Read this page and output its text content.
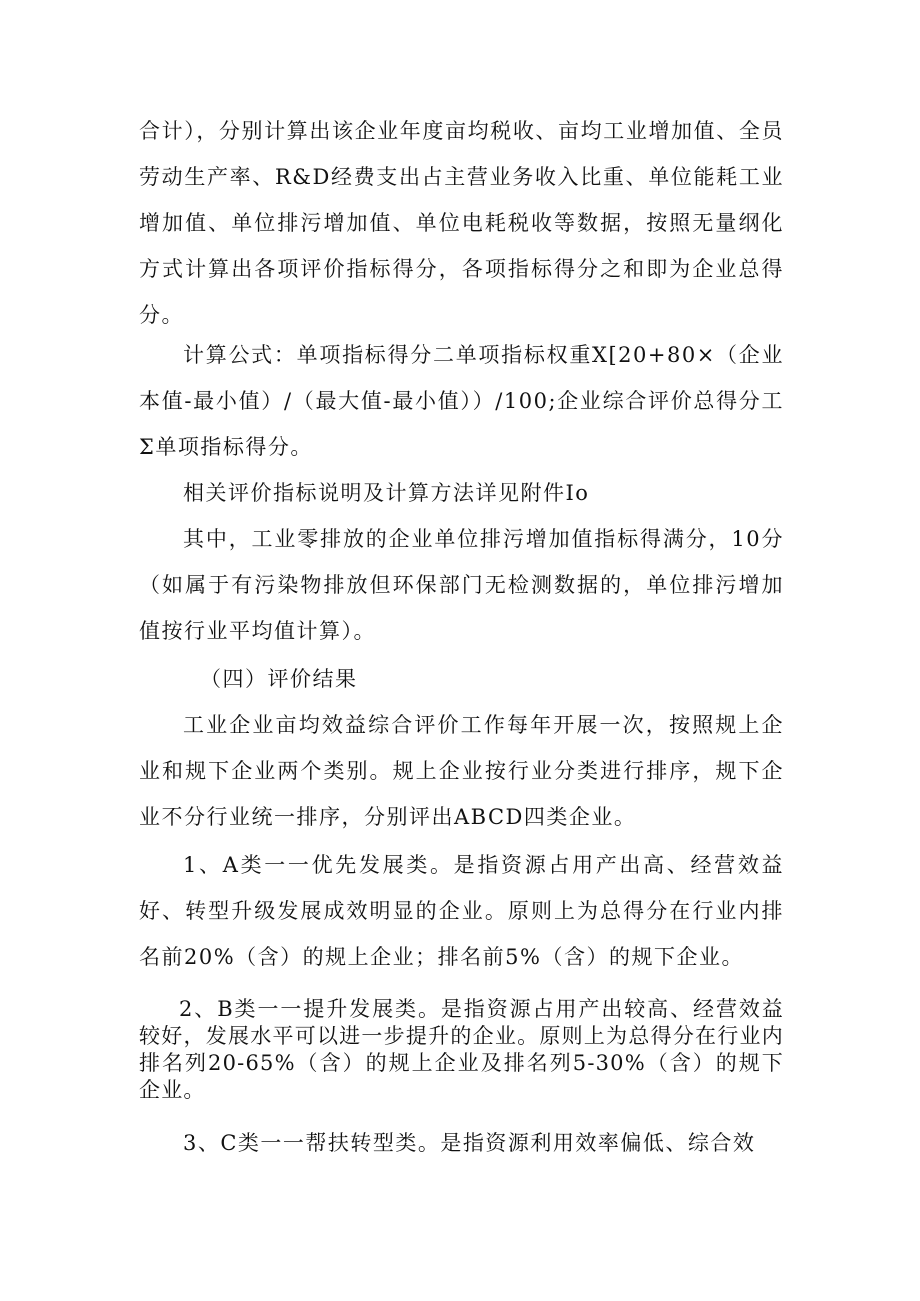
合计），分别计算出该企业年度亩均税收、亩均工业增加值、全员劳动生产率、R&D经费支出占主营业务收入比重、单位能耗工业增加值、单位排污增加值、单位电耗税收等数据，按照无量纲化方式计算出各项评价指标得分，各项指标得分之和即为企业总得分。

计算公式：单项指标得分二单项指标权重X[20+80×（企业本值-最小值）/（最大值-最小值））/100;企业综合评价总得分工Σ单项指标得分。

相关评价指标说明及计算方法详见附件Io

其中，工业零排放的企业单位排污增加值指标得满分，10分（如属于有污染物排放但环保部门无检测数据的，单位排污增加值按行业平均值计算）。

（四）评价结果

工业企业亩均效益综合评价工作每年开展一次，按照规上企业和规下企业两个类别。规上企业按行业分类进行排序，规下企业不分行业统一排序，分别评出ABCD四类企业。

1、A类一一优先发展类。是指资源占用产出高、经营效益好、转型升级发展成效明显的企业。原则上为总得分在行业内排名前20%（含）的规上企业；排名前5%（含）的规下企业。

2、B类一一提升发展类。是指资源占用产出较高、经营效益较好，发展水平可以进一步提升的企业。原则上为总得分在行业内排名列20-65%（含）的规上企业及排名列5-30%（含）的规下企业。

3、C类一一帮扶转型类。是指资源利用效率偏低、综合效
